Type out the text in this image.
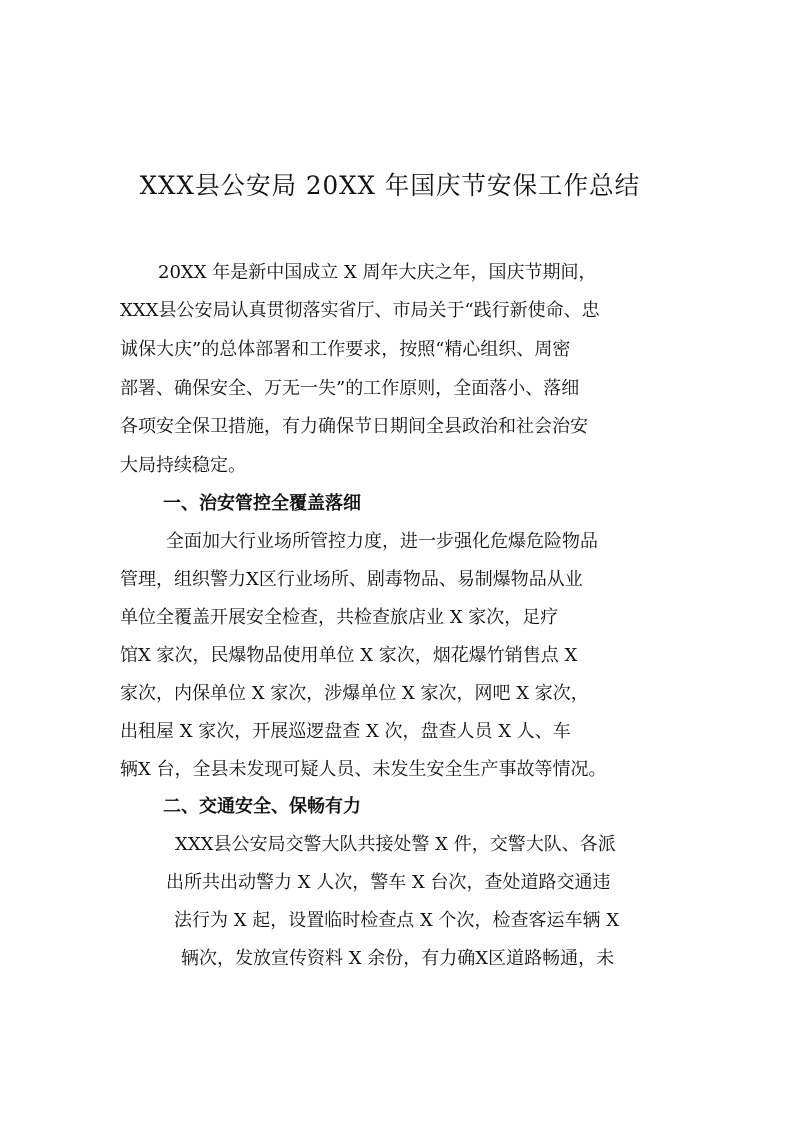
XXX县公安局 20XX 年国庆节安保工作总结
20XX 年是新中国成立 X 周年大庆之年，国庆节期间，
XXX县公安局认真贯彻落实省厅、市局关于“践行新使命、忠
诚保大庆”的总体部署和工作要求，按照“精心组织、周密
部署、确保安全、万无一失”的工作原则，全面落小、落细
各项安全保卫措施，有力确保节日期间全县政治和社会治安
大局持续稳定。
一、治安管控全覆盖落细
全面加大行业场所管控力度，进一步强化危爆危险物品
管理，组织警力X区行业场所、剧毒物品、易制爆物品从业
单位全覆盖开展安全检查，共检查旅店业 X 家次，足疗
馆X 家次，民爆物品使用单位 X 家次，烟花爆竹销售点 X
家次，内保单位 X 家次，涉爆单位 X 家次，网吧 X 家次，
出租屋 X 家次，开展巡逻盘查 X 次，盘查人员 X 人、车
辆X 台，全县未发现可疑人员、未发生安全生产事故等情况。
二、交通安全、保畅有力
XXX县公安局交警大队共接处警 X 件，交警大队、各派
出所共出动警力 X 人次，警车 X 台次，查处道路交通违
法行为 X 起，设置临时检查点 X 个次，检查客运车辆 X
辆次，发放宣传资料 X 余份，有力确X区道路畅通，未
